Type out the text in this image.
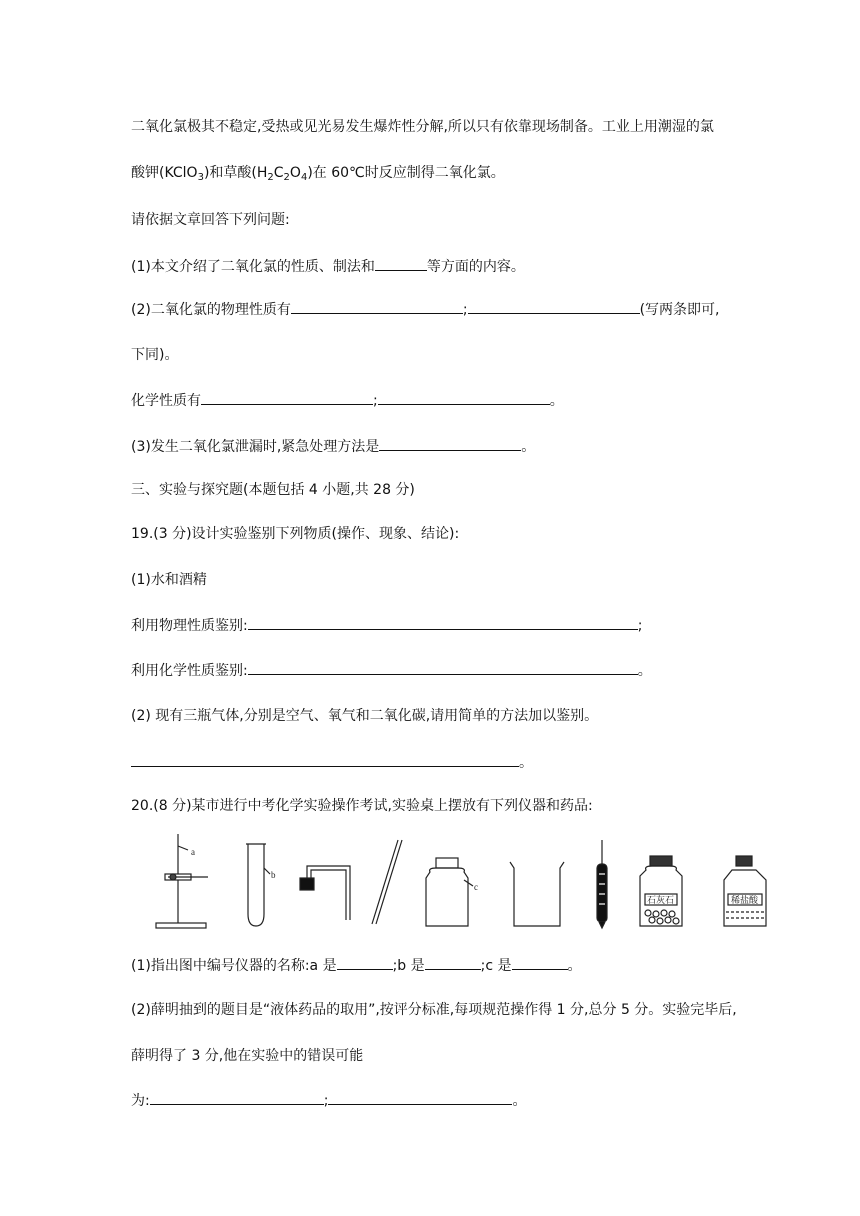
二氧化氯极其不稳定,受热或见光易发生爆炸性分解,所以只有依靠现场制备。工业上用潮湿的氯
酸钾(KClO$_3$)和草酸$(H_2C_2O_4)$在 60℃时反应制得二氧化氯。
请依据文章回答下列问题:
(1)本文介绍了二氧化氯的性质、制法和	等方面的内容。
(2)二氧化氯的物理性质有	;	(写两条即可,
下同)。
化学性质有	;	。
(3)发生二氧化氯泄漏时,紧急处理方法是	。
三、实验与探究题(本题包括 4 小题,共 28 分)
19.(3 分)设计实验鉴别下列物质(操作、现象、结论):
(1)水和酒精
利用物理性质鉴别:	;
利用化学性质鉴别:	。
(2) 现有三瓶气体,分别是空气、氧气和二氧化碳,请用简单的方法加以鉴别。
。
20.(8 分)某市进行中考化学实验操作考试,实验桌上摆放有下列仪器和药品:
a
b
c
石灰石	稀盐酸
(1)指出图中编号仪器的名称:a 是	;b 是	;c 是	。
(2)薛明抽到的题目是“液体药品的取用”,按评分标准,每项规范操作得 1 分,总分 5 分。实验完毕后,
薛明得了 3 分,他在实验中的错误可能
为:	;	。
